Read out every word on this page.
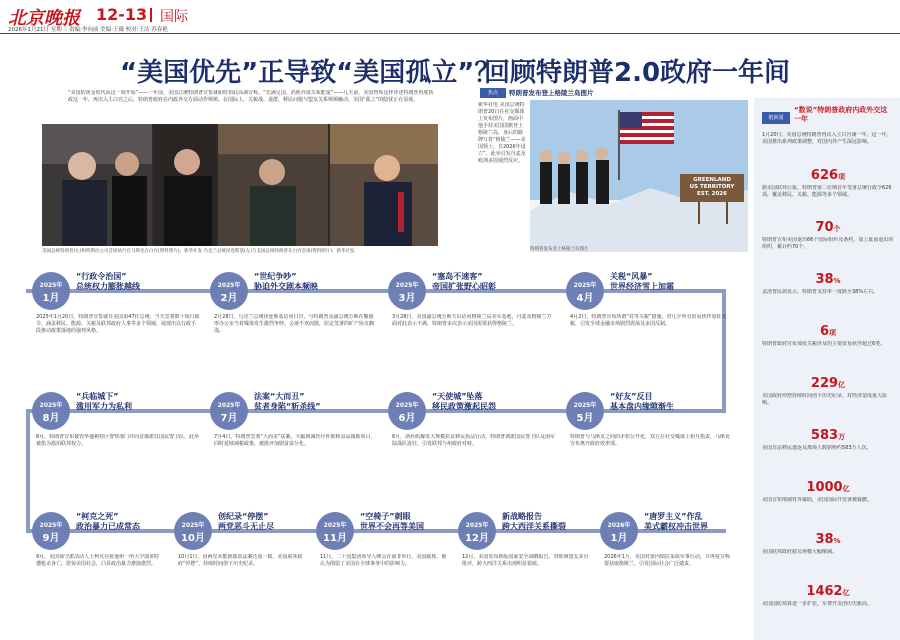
北京晚报 12-13 国际
2026年1月21日 星期三 责编:李向前 美编:王薇 校对:王洁 苏春艳
“美国优先”正导致“美国孤立”？
“美国的黄金时代从这一刻开始”——一年前，美国总统特朗普宣誓就职时如此高调宣称。“先满足国、消耗外部关系能量”——几天前，美国智库这样评述特朗普再度执政这一年。再次入主白宫之后，特朗普政府在内政外交方面动作频频。在国际上，关税战、退群、移民问题与盟友关系频频触动，美国“孤立”的隐忧正在显现。
美国总统特朗普(左)和特斯拉公司首席执行官马斯克在白宫(资料照片)。新华社发 乌克兰总统泽连斯基(左)与美国总统特朗普在白宫会谈(资料照片)。新华社发
回顾特朗普2.0政府一年间
焦点	特朗普发布登上格陵兰岛图片
新华社电 美国总统特朗普20日在社交媒体上发布图片，画面中他手持美国国旗登上格陵兰岛，身后的路牌写着“格陵兰——美国领土，自2026年设立”。此举引发丹麦及欧洲多国强烈反应。
GREENLAND
US TERRITORY
EST. 2026
特朗普发布登上格陵兰岛图片
链新闻
“数说”特朗普政府内政外交这一年
1月20日，美国总统特朗普再次入主白宫满一年。这一年，美国推出系列政策调整，对国内外产生深远影响。
626项
据美国联邦公报，特朗普第二任期首年签署总统行政令626项，覆盖移民、关税、能源等多个领域。
70个
特朗普宣布美国退出66个国际组织及条约，加上此前退出的组织，累计约70个。
38%
盖洛普民调显示，特朗普支持率一度跌至38%左右。
6项
特朗普政府宣布加征关税涉及的主要贸易伙伴超过6类。
229亿
美国政府停摆持续时间创下历史纪录，对经济造成重大影响。
583万
美国非法移民遣返及离境人数据称约583万人次。
1000亿
美国宣布削减对外援助，美国国际开发署被裁撤。
38%
美国联邦政府雇员规模大幅缩减。
1462亿
美国国防预算进一步扩张，军费开支创历史新高。
2025年
1月
“行政令治国”
总统权力膨胀越线
2025年1月20日，特朗普宣誓就任美国第47任总统，当天签署数十项行政令，涵盖移民、能源、关税及联邦政府人事等多个领域，展现出以行政手段推动政策落地的强势风格。
2025年
2月
“世纪争吵”
胁迫外交剧本频映
2月28日，乌克兰总统泽连斯基访问白宫，与特朗普及副总统万斯在椭圆形办公室当着媒体发生激烈争吵，会谈不欢而散，原定签署的矿产协议搁浅。
2025年
3月
“塞岛不速客”
帝国扩张野心昭彰
3月28日，美国副总统万斯夫妇访问格陵兰岛美军基地，丹麦及格陵兰方面对此表示不满，特朗普多次表示美国需要获得格陵兰。
2025年
4月
关税“风暴”
世界经济雪上加霜
4月2日，特朗普宣布所谓“对等关税”措施，对几乎所有贸易伙伴加征关税，引发全球金融市场剧烈震荡及多国反制。
2025年
5月
“好友”反目
基本盘内缘隙渐生
特朗普与马斯克之间的矛盾公开化，双方在社交媒体上相互指责，马斯克宣布离开政府效率部。
2025年
6月
“天使城”坠落
移民政策激起民怨
6月，洛杉矶爆发大规模抗议移民执法行动，特朗普调派国民警卫队及海军陆战队进驻，引发联邦与州政府对峙。
2025年
7月
法案“大而丑”
贫者身陷“斩杀线”
7月4日，特朗普签署“大而美”法案，大幅削减医疗补助和食品援助项目，同时延续减税政策，被批评加剧贫富分化。
2025年
8月
“兵临城下”
滥用军力为私利
8月，特朗普宣布接管华盛顿特区警察部门并向首都派驻国民警卫队，此举被指为滥用联邦权力。
2025年
9月
“柯克之死”
政治暴力已成常态
9月，美国保守派活动人士柯克在犹他州一所大学演讲时遭枪杀身亡，震惊美国社会，凸显政治暴力愈演愈烈。
2025年
10月
创纪录“停摆”
两党恶斗无止尽
10月1日，因两党未能就拨款法案达成一致，美国联邦政府“停摆”，持续时间创下历史纪录。
2025年
11月
“空椅子”刺眼
世界不会再等美国
11月，二十国集团领导人峰会在南非举行，美国缺席，被认为削弱了美国在全球事务中的影响力。
2025年
12月
新战略报告
跨大西洋关系撕裂
12月，美国发布新版国家安全战略报告，对欧洲盟友多有批评，跨大西洋关系出现明显裂痕。
2026年
1月
“唐罗主义”作乱
美式霸权冲击世界
2026年1月，美国对委内瑞拉采取军事行动，并再度宣称要获取格陵兰，引发国际社会广泛谴责。
